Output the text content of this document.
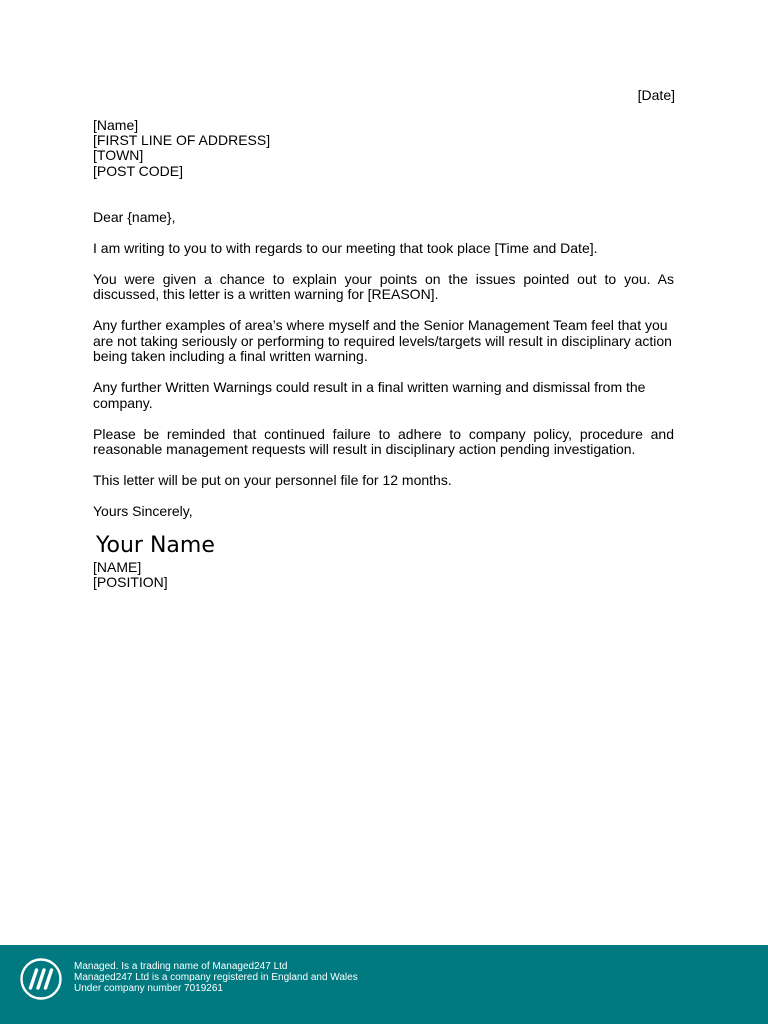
[Date]
[Name]
[FIRST LINE OF ADDRESS]
[TOWN]
[POST CODE]

Dear {name},

I am writing to you to with regards to our meeting that took place [Time and Date].

You were given a chance to explain your points on the issues pointed out to you. As discussed, this letter is a written warning for [REASON].

Any further examples of area’s where myself and the Senior Management Team feel that you are not taking seriously or performing to required levels/targets will result in disciplinary action being taken including a final written warning.

Any further Written Warnings could result in a final written warning and dismissal from the company.

Please be reminded that continued failure to adhere to company policy, procedure and reasonable management requests will result in disciplinary action pending investigation.

This letter will be put on your personnel file for 12 months.

Yours Sincerely,

Your Name
[NAME]
[POSITION]
Managed. Is a trading name of Managed247 Ltd
Managed247 Ltd is a company registered in England and Wales
Under company number 7019261
